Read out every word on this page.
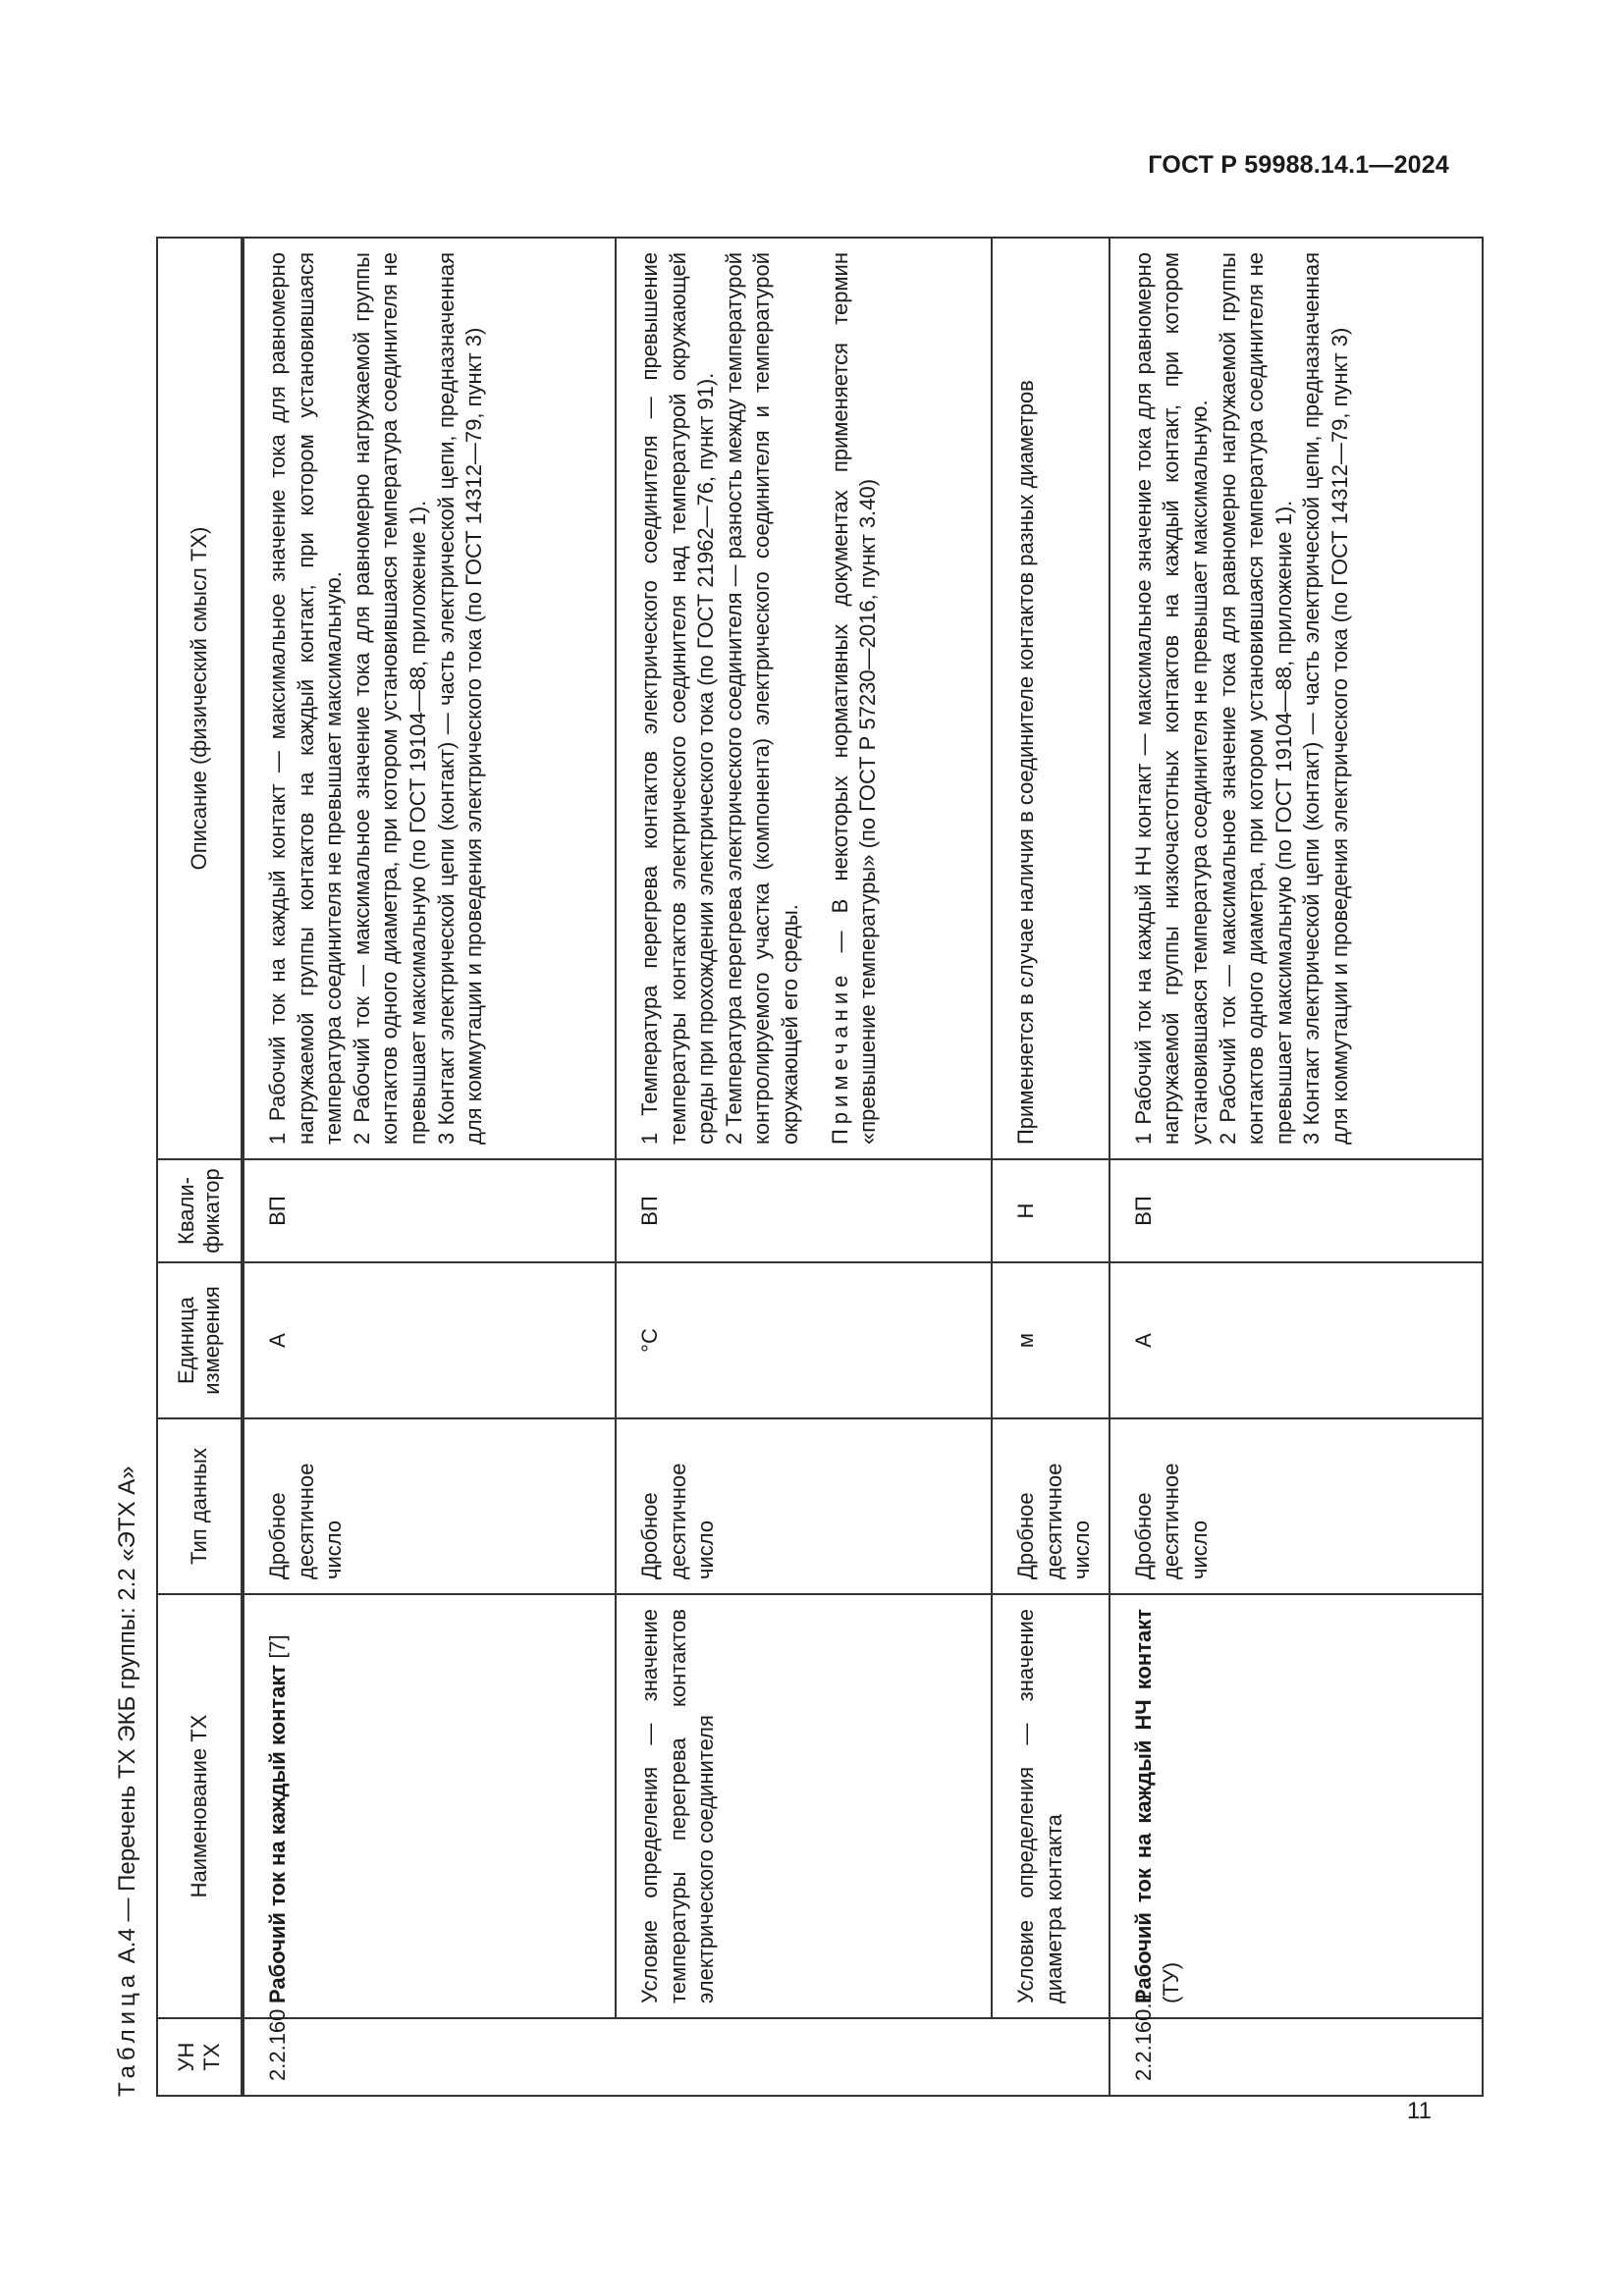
ГОСТ Р 59988.14.1—2024
Таблица А.4 — Перечень ТХ ЭКБ группы: 2.2 «ЭТХ А»
УН ТХ	Наименование ТХ	Тип данных	Единица измерения	Квали-фикатор	Описание (физический смысл ТХ)
2.2.160	Рабочий ток на каждый контакт [7]	Дробное десятичное число	А	ВП	1 Рабочий ток на каждый контакт — максимальное значение тока для равномерно нагружаемой группы контактов на каждый контакт, при котором установившаяся температура соединителя не превышает максимальную. 2 Рабочий ток — максимальное значение тока для равномерно нагружаемой группы контактов одного диаметра, при котором установившаяся температура соединителя не превышает максимальную (по ГОСТ 19104—88, приложение 1). 3 Контакт электрической цепи (контакт) — часть электрической цепи, предназначенная для коммутации и проведения электрического тока (по ГОСТ 14312—79, пункт 3)

	Условие определения — значение температуры перегрева контактов электрического соединителя	Дробное десятичное число	°С	ВП	1 Температура перегрева контактов электрического соединителя — превышение температуры контактов электрического соединителя над температурой окружающей среды при прохождении электрического тока (по ГОСТ 21962—76, пункт 91). 2 Температура перегрева электрического соединителя — разность между температурой контролируемого участка (компонента) электрического соединителя и температурой окружающей его среды. Примечание — В некоторых нормативных документах применяется термин «превышение температуры» (по ГОСТ Р 57230—2016, пункт 3.40)

	Условие определения — значение диаметра контакта	Дробное десятичное число	м	Н	Применяется в случае наличия в соединителе контактов разных диаметров

2.2.160.1	Рабочий ток на каждый НЧ контакт (ТУ)	Дробное десятичное число	А	ВП	1 Рабочий ток на каждый НЧ контакт — максимальное значение тока для равномерно нагружаемой группы низкочастотных контактов на каждый контакт, при котором установившаяся температура соединителя не превышает максимальную. 2 Рабочий ток — максимальное значение тока для равномерно нагружаемой группы контактов одного диаметра, при котором установившаяся температура соединителя не превышает максимальную (по ГОСТ 19104—88, приложение 1). 3 Контакт электрической цепи (контакт) — часть электрической цепи, предназначенная для коммутации и проведения электрического тока (по ГОСТ 14312—79, пункт 3)

11
